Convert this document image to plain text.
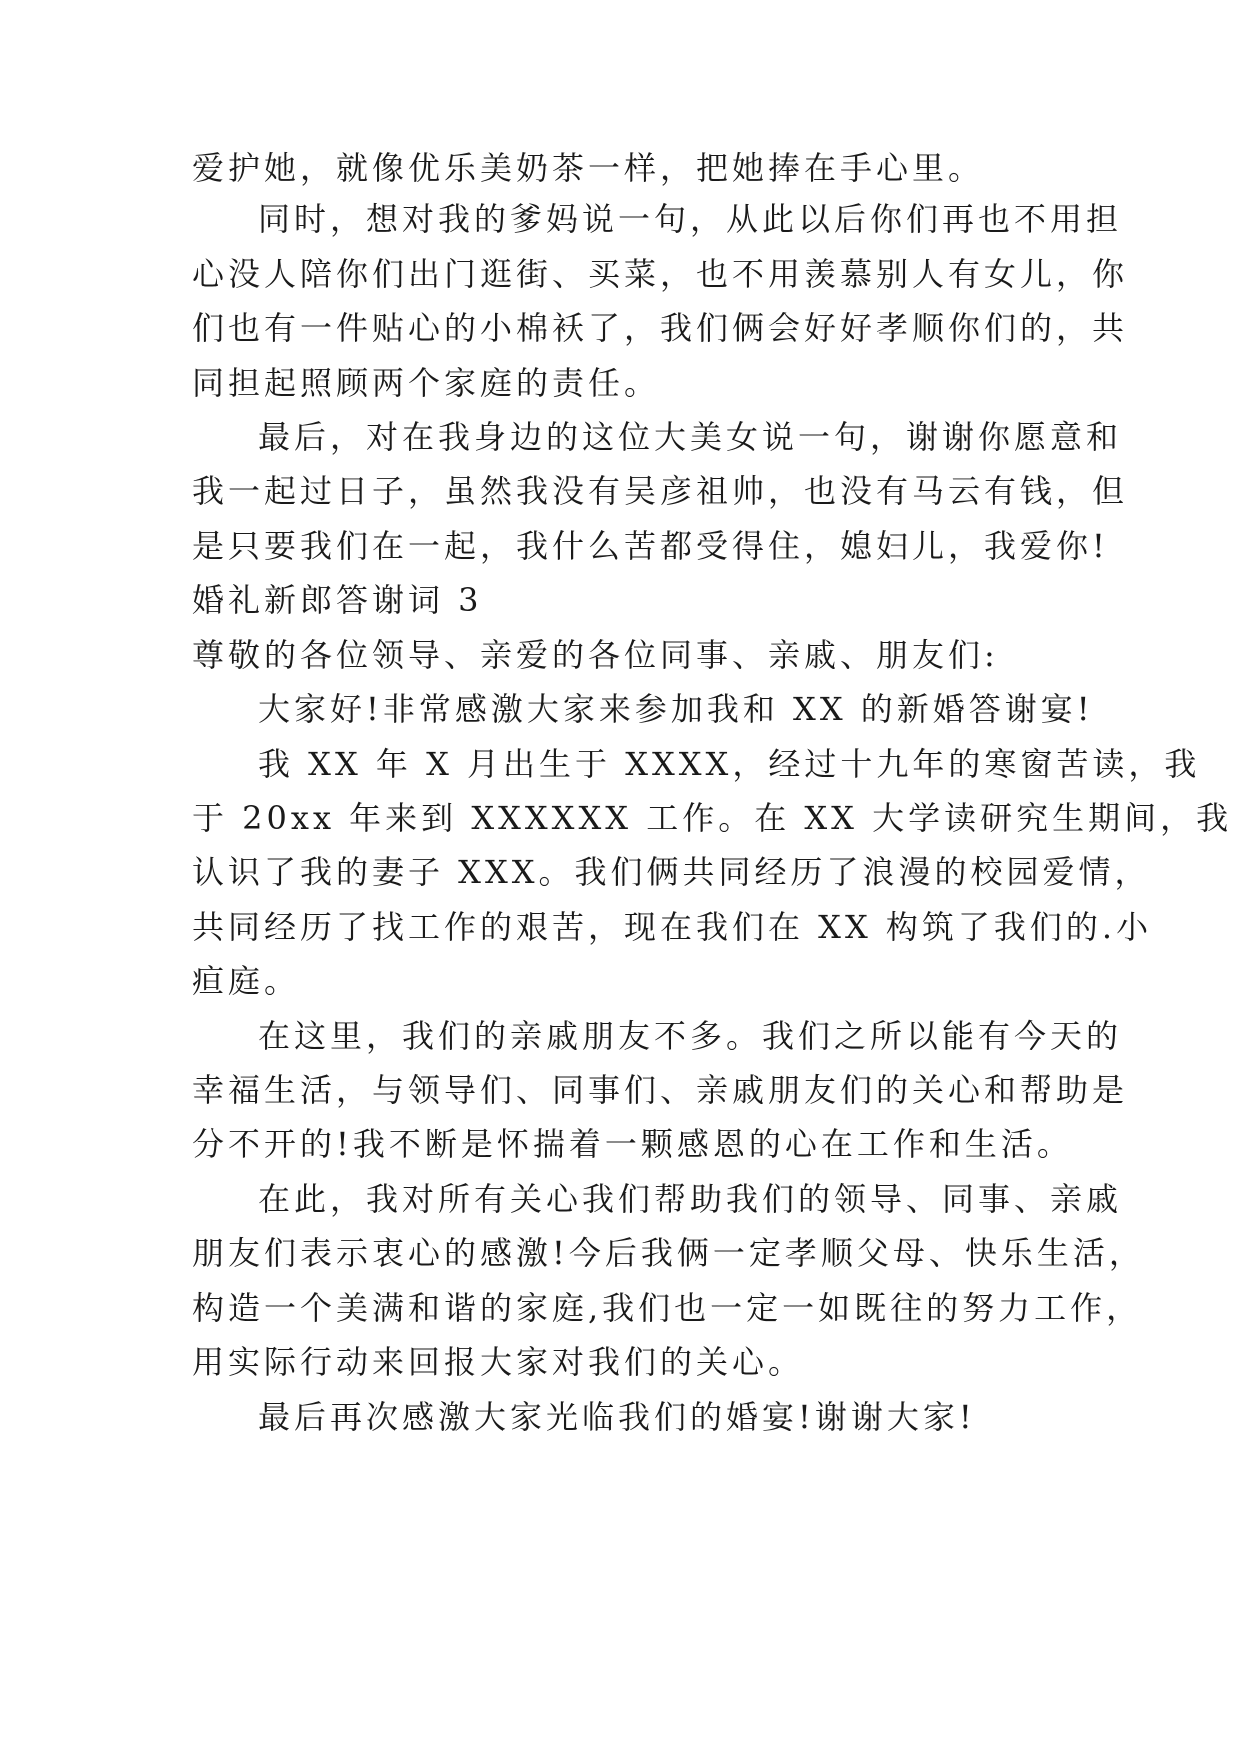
爱护她，就像优乐美奶茶一样，把她捧在手心里。
同时，想对我的爹妈说一句，从此以后你们再也不用担
心没人陪你们出门逛街、买菜，也不用羡慕别人有女儿，你
们也有一件贴心的小棉袄了，我们俩会好好孝顺你们的，共
同担起照顾两个家庭的责任。
最后，对在我身边的这位大美女说一句，谢谢你愿意和
我一起过日子，虽然我没有吴彦祖帅，也没有马云有钱，但
是只要我们在一起，我什么苦都受得住，媳妇儿，我爱你!
婚礼新郎答谢词 3
尊敬的各位领导、亲爱的各位同事、亲戚、朋友们:
大家好!非常感激大家来参加我和 XX 的新婚答谢宴!
我 XX 年 X 月出生于 XXXX，经过十九年的寒窗苦读，我
于 20xx 年来到 XXXXXX 工作。在 XX 大学读研究生期间，我
认识了我的妻子 XXX。我们俩共同经历了浪漫的校园爱情，
共同经历了找工作的艰苦，现在我们在 XX 构筑了我们的.小
疸庭。
在这里，我们的亲戚朋友不多。我们之所以能有今天的
幸福生活，与领导们、同事们、亲戚朋友们的关心和帮助是
分不开的!我不断是怀揣着一颗感恩的心在工作和生活。
在此，我对所有关心我们帮助我们的领导、同事、亲戚
朋友们表示衷心的感激!今后我俩一定孝顺父母、快乐生活，
构造一个美满和谐的家庭,我们也一定一如既往的努力工作，
用实际行动来回报大家对我们的关心。
最后再次感激大家光临我们的婚宴!谢谢大家!
